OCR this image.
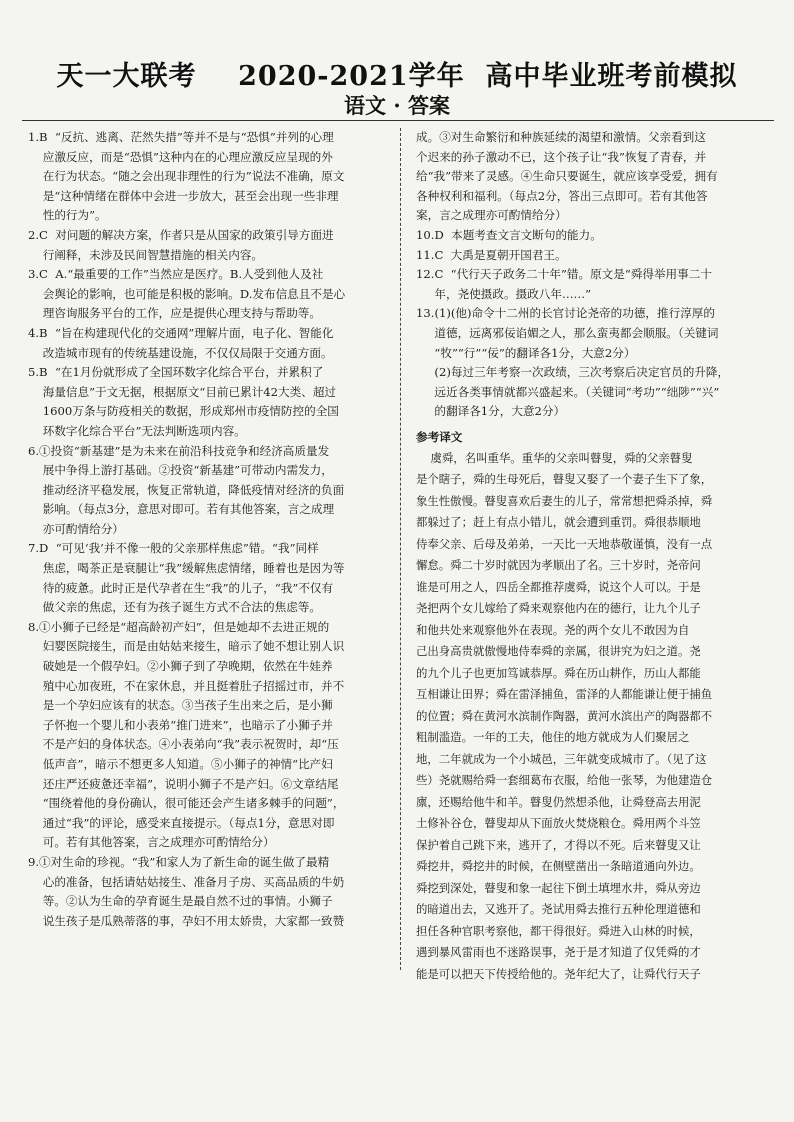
天一大联考    2020-2021学年  高中毕业班考前模拟
语文 · 答案
1.B  “反抗、逃离、茫然失措”等并不是与“恐惧”并列的心理
应激反应，而是“恐惧”这种内在的心理应激反应呈现的外
在行为状态。“随之会出现非理性的行为”说法不准确，原文
是“这种情绪在群体中会进一步放大，甚至会出现一些非理
性的行为”。
2.C  对问题的解决方案，作者只是从国家的政策引导方面进
行阐释，未涉及民间智慧措施的相关内容。
3.C  A.“最重要的工作”当然应是医疗。B.人受到他人及社
会舆论的影响，也可能是积极的影响。D.发布信息且不是心
理咨询服务平台的工作，应是提供心理支持与帮助等。
4.B  “旨在构建现代化的交通网”理解片面，电子化、智能化
改造城市现有的传统基建设施，不仅仅局限于交通方面。
5.B  “在1月份就形成了全国环数字化综合平台，并累积了
海量信息”于文无据，根据原文“目前已累计42大类、超过
1600万条与防疫相关的数据，形成郑州市疫情防控的全国
环数字化综合平台”无法判断选项内容。
6.①投资“新基建”是为未来在前沿科技竞争和经济高质量发
展中争得上游打基础。②投资“新基建”可带动内需发力，
推动经济平稳发展，恢复正常轨道，降低疫情对经济的负面
影响。（每点3分，意思对即可。若有其他答案，言之成理
亦可酌情给分）
7.D  “可见‘我’并不像一般的父亲那样焦虑”错。“我”同样
焦虑，喝茶正是衰腿让“我”缓解焦虑情绪，睡着也是因为等
待的疲惫。此时正是代孕者在生“我”的儿子，“我”不仅有
做父亲的焦虑，还有为孩子诞生方式不合法的焦虑等。
8.①小狮子已经是“超高龄初产妇”，但是她却不去进正规的
妇婴医院接生，而是由姑姑来接生，暗示了她不想让别人识
破她是一个假孕妇。②小狮子到了孕晚期，依然在牛娃养
殖中心加夜班，不在家休息，并且挺着肚子招摇过市，并不
是一个孕妇应该有的状态。③当孩子生出来之后，是小狮
子怀抱一个婴儿和小表弟“推门进来”，也暗示了小狮子并
不是产妇的身体状态。④小表弟向“我”表示祝贺时，却“压
低声音”，暗示不想更多人知道。⑤小狮子的神情“比产妇
还庄严还疲惫还幸福”，说明小狮子不是产妇。⑥文章结尾
“围绕着他的身份确认，很可能还会产生诸多棘手的问题”，
通过“我”的评论，感受来直接提示。（每点1分，意思对即
可。若有其他答案，言之成理亦可酌情给分）
9.①对生命的珍视。“我”和家人为了新生命的诞生做了最精
心的准备，包括请姑姑接生、准备月子房、买高品质的牛奶
等。②认为生命的孕育诞生是最自然不过的事情。小狮子
说生孩子是瓜熟蒂落的事，孕妇不用太娇贵，大家都一致赞
成。③对生命繁衍和种族延续的渴望和激情。父亲看到这
个迟来的孙子激动不已，这个孩子让“我”恢复了青春，并
给“我”带来了灵感。④生命只要诞生，就应该享受爱，拥有
各种权利和福利。（每点2分，答出三点即可。若有其他答
案，言之成理亦可酌情给分）
10.D  本题考查文言文断句的能力。
11.C  大禹是夏朝开国君王。
12.C  “代行天子政务二十年”错。原文是“舜得举用事二十
年，尧使摄政。摄政八年……”
13.(1)(他)命令十二州的长官讨论尧帝的功德，推行淳厚的
道德，远离邪佞谄媚之人，那么蛮夷都会顺服。（关键词
“牧”“行”“佞”的翻译各1分，大意2分）
(2)每过三年考察一次政绩，三次考察后决定官员的升降，
远近各类事情就都兴盛起来。（关键词“考功”“绌陟”“兴”
的翻译各1分，大意2分）
参考译文
虞舜，名叫重华。重华的父亲叫瞽叟，舜的父亲瞽叟
是个瞎子，舜的生母死后，瞽叟又娶了一个妻子生下了象，
象生性傲慢。瞽叟喜欢后妻生的儿子，常常想把舜杀掉，舜
都躲过了；赶上有点小错儿，就会遭到重罚。舜很恭顺地
侍奉父亲、后母及弟弟，一天比一天地恭敬谨慎，没有一点
懈怠。舜二十岁时就因为孝顺出了名。三十岁时，尧帝问
谁是可用之人，四岳全都推荐虞舜，说这个人可以。于是
尧把两个女儿嫁给了舜来观察他内在的德行，让九个儿子
和他共处来观察他外在表现。尧的两个女儿不敢因为自
己出身高贵就傲慢地侍奉舜的亲属，很讲究为妇之道。尧
的九个儿子也更加笃诚恭厚。舜在历山耕作，历山人都能
互相谦让田界；舜在雷泽捕鱼，雷泽的人都能谦让便于捕鱼
的位置；舜在黄河水滨制作陶器，黄河水滨出产的陶器都不
粗制滥造。一年的工夫，他住的地方就成为人们聚居之
地，二年就成为一个小城邑，三年就变成城市了。（见了这
些）尧就赐给舜一套细葛布衣服，给他一张琴，为他建造仓
廪，还赐给他牛和羊。瞽叟仍然想杀他，让舜登高去用泥
土修补谷仓，瞽叟却从下面放火焚烧粮仓。舜用两个斗笠
保护着自己跳下来，逃开了，才得以不死。后来瞽叟又让
舜挖井，舜挖井的时候，在侧壁凿出一条暗道通向外边。
舜挖到深处，瞽叟和象一起往下倒土填埋水井，舜从旁边
的暗道出去，又逃开了。尧试用舜去推行五种伦理道德和
担任各种官职考察他，都干得很好。舜进入山林的时候，
遇到暴风雷雨也不迷路误事，尧于是才知道了仅凭舜的才
能是可以把天下传授给他的。尧年纪大了，让舜代行天子
